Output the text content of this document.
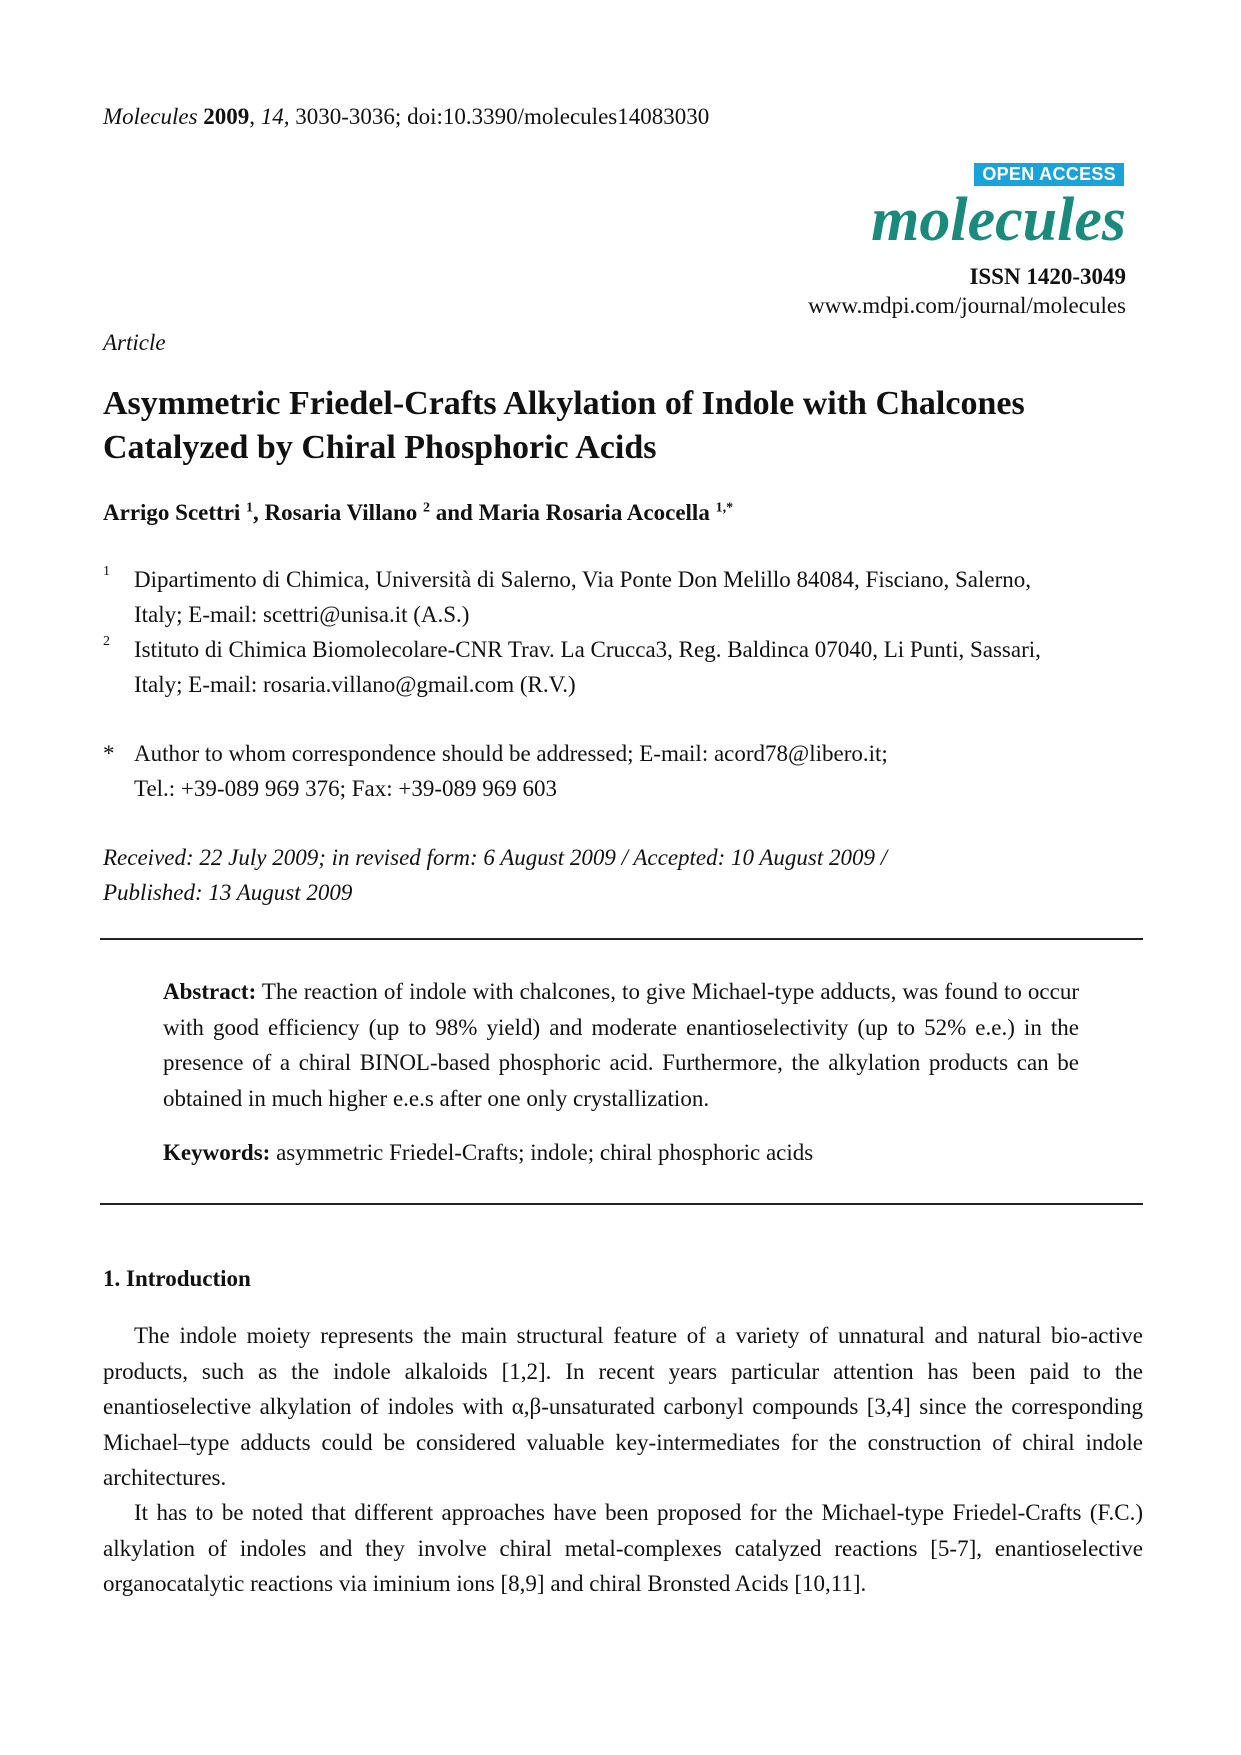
Molecules 2009, 14, 3030-3036; doi:10.3390/molecules14083030
OPEN ACCESS
molecules
ISSN 1420-3049
www.mdpi.com/journal/molecules
Article
Asymmetric Friedel-Crafts Alkylation of Indole with Chalcones Catalyzed by Chiral Phosphoric Acids
Arrigo Scettri $^1$, Rosaria Villano $^2$ and Maria Rosaria Acocella $^{1,*}$
1 Dipartimento di Chimica, Università di Salerno, Via Ponte Don Melillo 84084, Fisciano, Salerno,
Italy; E-mail: scettri@unisa.it (A.S.)
2 Istituto di Chimica Biomolecolare-CNR Trav. La Crucca3, Reg. Baldinca 07040, Li Punti, Sassari,
Italy; E-mail: rosaria.villano@gmail.com (R.V.)
* Author to whom correspondence should be addressed; E-mail: acord78@libero.it;
Tel.: +39-089 969 376; Fax: +39-089 969 603
Received: 22 July 2009; in revised form: 6 August 2009 / Accepted: 10 August 2009 /
Published: 13 August 2009
Abstract: The reaction of indole with chalcones, to give Michael-type adducts, was found to occur with good efficiency (up to 98% yield) and moderate enantioselectivity (up to 52% e.e.) in the presence of a chiral BINOL-based phosphoric acid. Furthermore, the alkylation products can be obtained in much higher e.e.s after one only crystallization.
Keywords: asymmetric Friedel-Crafts; indole; chiral phosphoric acids
1. Introduction
The indole moiety represents the main structural feature of a variety of unnatural and natural bio-active products, such as the indole alkaloids [1,2]. In recent years particular attention has been paid to the enantioselective alkylation of indoles with α,β-unsaturated carbonyl compounds [3,4] since the corresponding Michael–type adducts could be considered valuable key-intermediates for the construction of chiral indole architectures.
It has to be noted that different approaches have been proposed for the Michael-type Friedel-Crafts (F.C.) alkylation of indoles and they involve chiral metal-complexes catalyzed reactions [5-7], enantioselective organocatalytic reactions via iminium ions [8,9] and chiral Bronsted Acids [10,11].
